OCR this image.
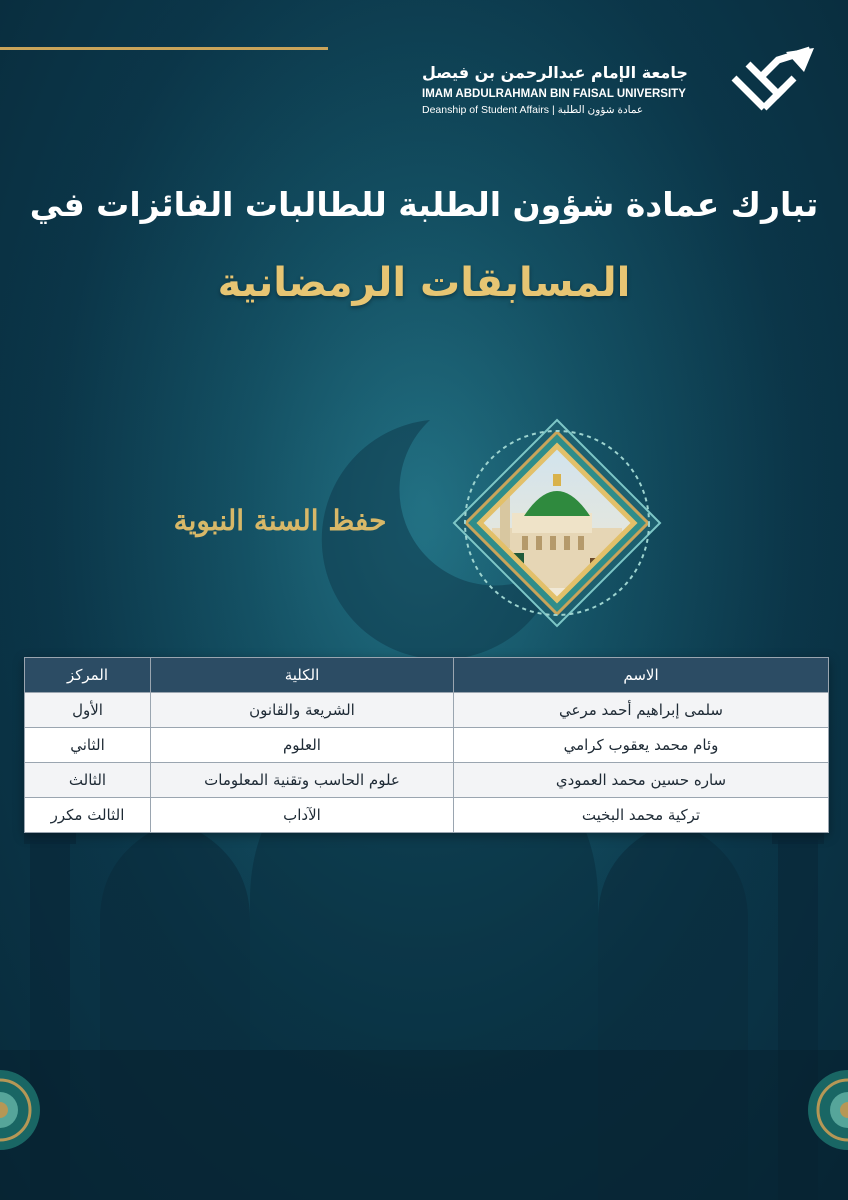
جامعة الإمام عبدالرحمن بن فيصل
IMAM ABDULRAHMAN BIN FAISAL UNIVERSITY
Deanship of Student Affairs | عمادة شؤون الطلبة
تبارك عمادة شؤون الطلبة للطالبات الفائزات في
المسابقات الرمضانية
حفظ السنة النبوية
الاسم	الكلية	المركز
سلمى إبراهيم أحمد مرعي	الشريعة والقانون	الأول
وئام محمد يعقوب كرامي	العلوم	الثاني
ساره حسين محمد العمودي	علوم الحاسب وتقنية المعلومات	الثالث
تركية محمد البخيت	الآداب	الثالث مكرر
